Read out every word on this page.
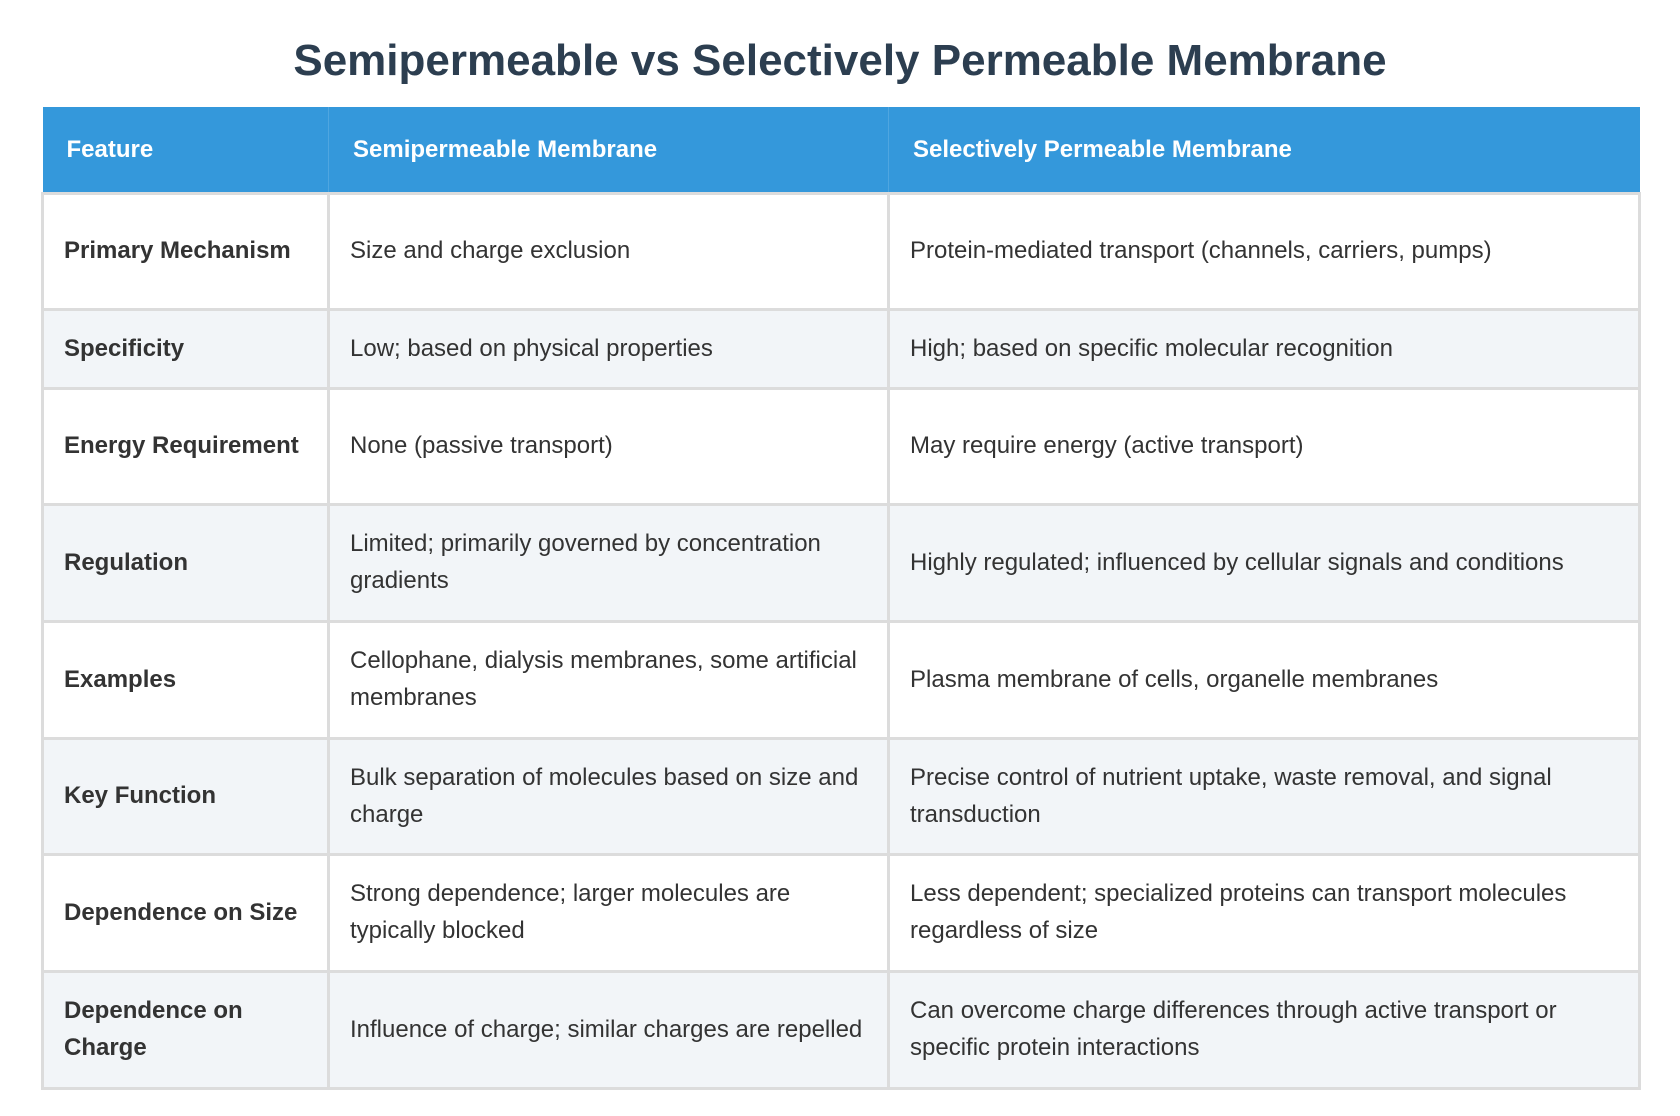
Semipermeable vs Selectively Permeable Membrane
Feature	Semipermeable Membrane	Selectively Permeable Membrane
Primary Mechanism	Size and charge exclusion	Protein-mediated transport (channels, carriers, pumps)
Specificity	Low; based on physical properties	High; based on specific molecular recognition
Energy Requirement	None (passive transport)	May require energy (active transport)
Regulation	Limited; primarily governed by concentration gradients	Highly regulated; influenced by cellular signals and conditions
Examples	Cellophane, dialysis membranes, some artificial membranes	Plasma membrane of cells, organelle membranes
Key Function	Bulk separation of molecules based on size and charge	Precise control of nutrient uptake, waste removal, and signal transduction
Dependence on Size	Strong dependence; larger molecules are typically blocked	Less dependent; specialized proteins can transport molecules regardless of size
Dependence on Charge	Influence of charge; similar charges are repelled	Can overcome charge differences through active transport or specific protein interactions
